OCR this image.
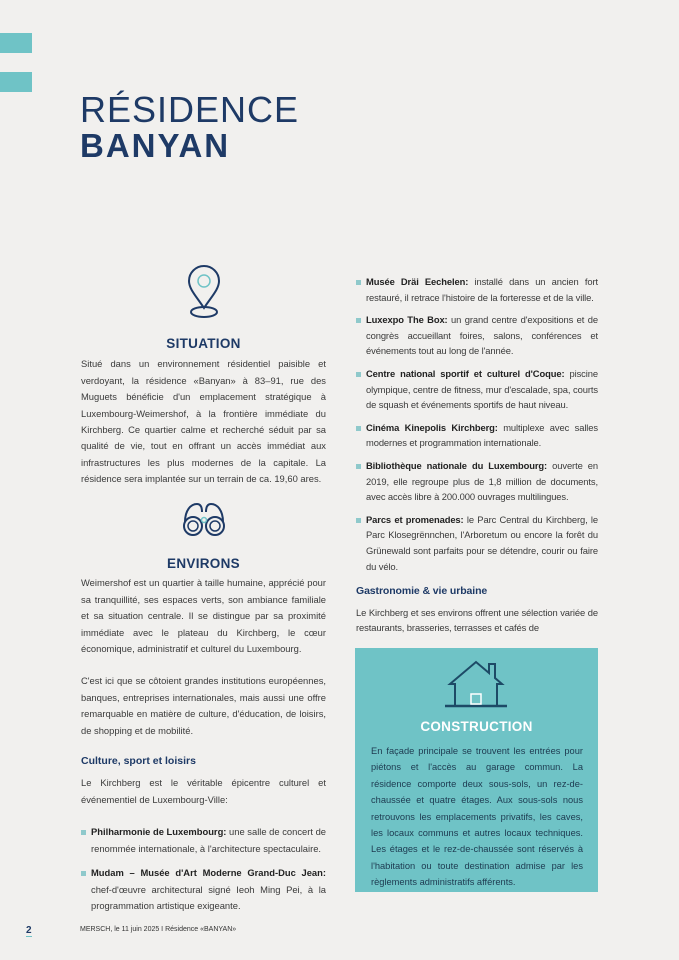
RÉSIDENCE
BANYAN
SITUATION

Situé dans un environnement résidentiel paisible et verdoyant, la résidence «Banyan» à 83–91, rue des Muguets bénéficie d'un emplacement stratégique à Luxembourg-Weimershof, à la frontière immédiate du Kirchberg. Ce quartier calme et recherché séduit par sa qualité de vie, tout en offrant un accès immédiat aux infrastructures les plus modernes de la capitale. La résidence sera implantée sur un terrain de ca. 19,60 ares.

ENVIRONS

Weimershof est un quartier à taille humaine, apprécié pour sa tranquillité, ses espaces verts, son ambiance familiale et sa situation centrale. Il se distingue par sa proximité immédiate avec le plateau du Kirchberg, le cœur économique, administratif et culturel du Luxembourg.

C'est ici que se côtoient grandes institutions européennes, banques, entreprises internationales, mais aussi une offre remarquable en matière de culture, d'éducation, de loisirs, de shopping et de mobilité.

Culture, sport et loisirs

Le Kirchberg est le véritable épicentre culturel et événementiel de Luxembourg-Ville:

Philharmonie de Luxembourg: une salle de concert de renommée internationale, à l'architecture spectaculaire.
Mudam – Musée d'Art Moderne Grand-Duc Jean: chef-d'œuvre architectural signé Ieoh Ming Pei, à la programmation artistique exigeante.
Musée Dräi Eechelen: installé dans un ancien fort restauré, il retrace l'histoire de la forteresse et de la ville.
Luxexpo The Box: un grand centre d'expositions et de congrès accueillant foires, salons, conférences et événements tout au long de l'année.
Centre national sportif et culturel d'Coque: piscine olympique, centre de fitness, mur d'escalade, spa, courts de squash et événements sportifs de haut niveau.
Cinéma Kinepolis Kirchberg: multiplexe avec salles modernes et programmation internationale.
Bibliothèque nationale du Luxembourg: ouverte en 2019, elle regroupe plus de 1,8 million de documents, avec accès libre à 200.000 ouvrages multilingues.
Parcs et promenades: le Parc Central du Kirchberg, le Parc Klosegrënnchen, l'Arboretum ou encore la forêt du Grünewald sont parfaits pour se détendre, courir ou faire du vélo.
Gastronomie & vie urbaine

Le Kirchberg et ses environs offrent une sélection variée de restaurants, brasseries, terrasses et cafés de

CONSTRUCTION

En façade principale se trouvent les entrées pour piétons et l'accès au garage commun. La résidence comporte deux sous-sols, un rez-de-chaussée et quatre étages. Aux sous-sols nous retrouvons les emplacements privatifs, les caves, les locaux communs et autres locaux techniques. Les étages et le rez-de-chaussée sont réservés à l'habitation ou toute destination admise par les règlements administratifs afférents.

2	MERSCH, le 11 juin 2025 I Résidence «BANYAN»
